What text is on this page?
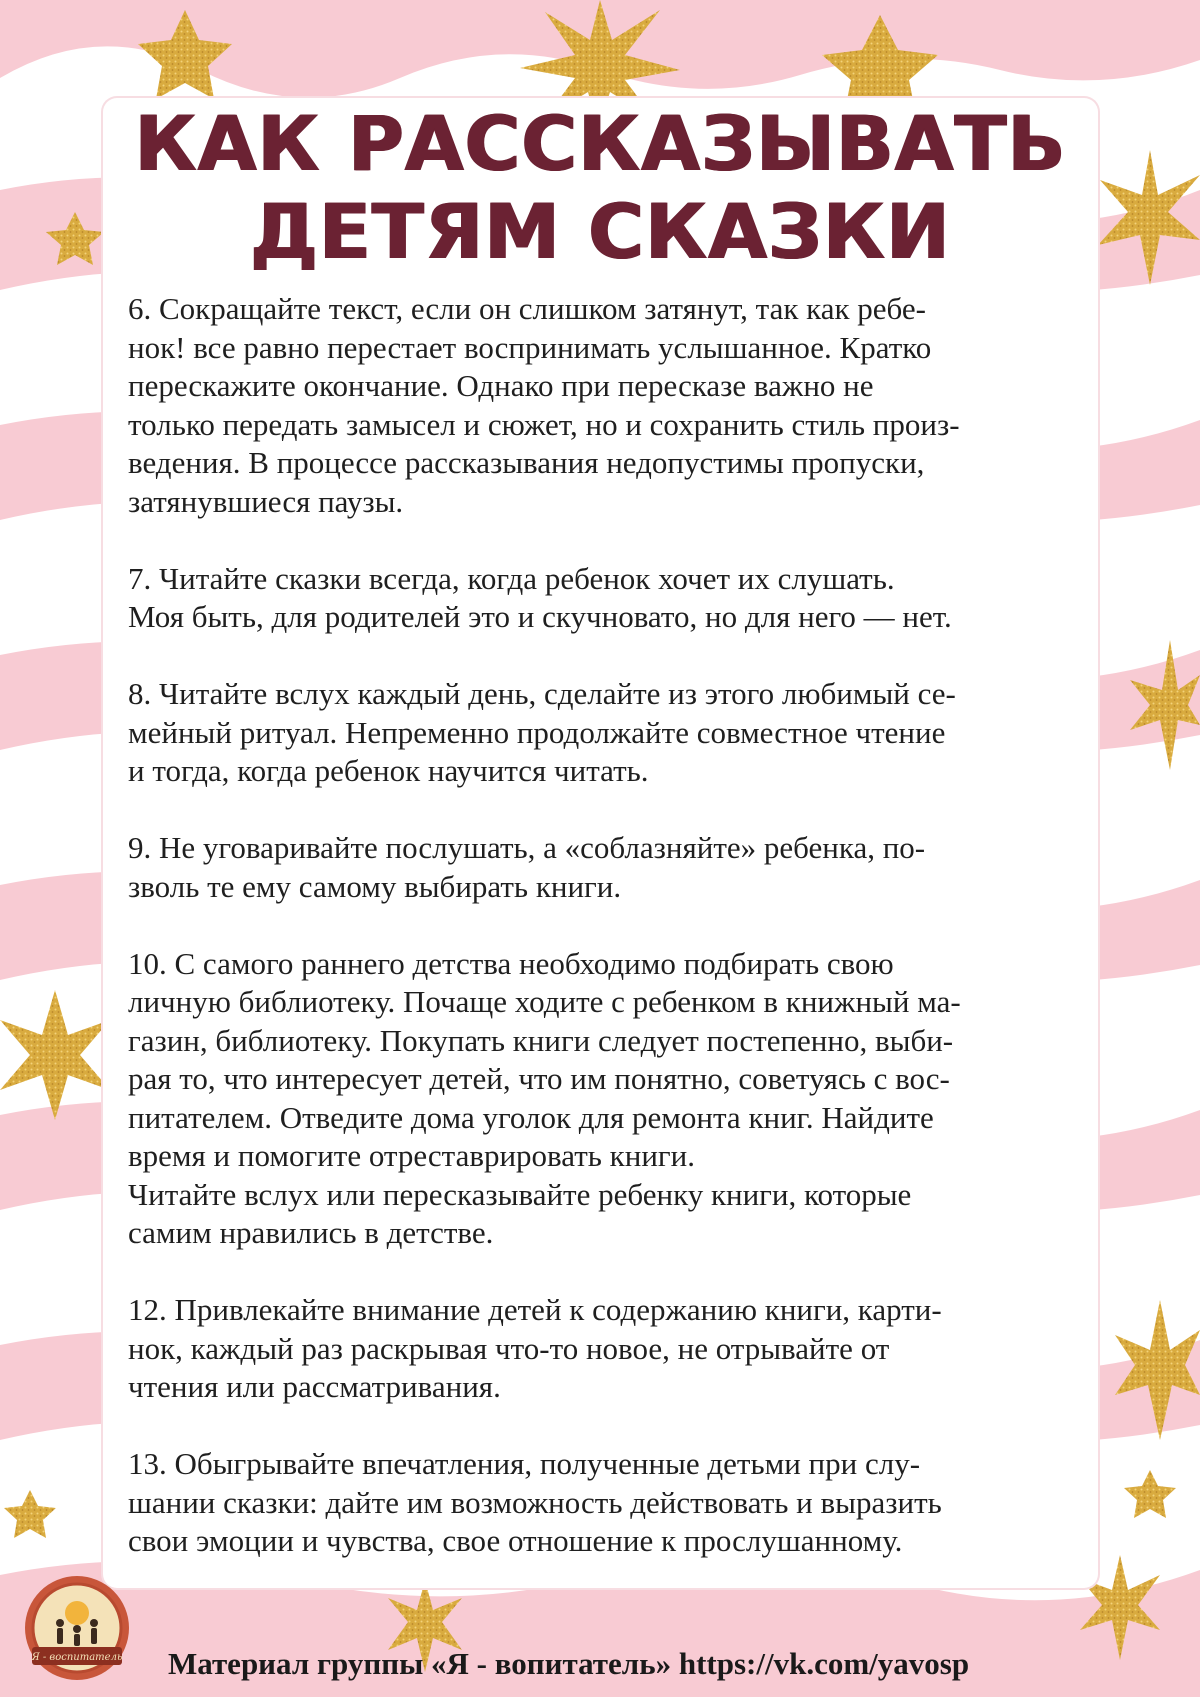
КАК РАССКАЗЫВАТЬ
ДЕТЯМ СКАЗКИ

6. Сокращайте текст, если он слишком затянут, так как ребе-
нок! все равно перестает воспринимать услышанное. Кратко
перескажите окончание. Однако при пересказе важно не
только передать замысел и сюжет, но и сохранить стиль произ-
ведения. В процессе рассказывания недопустимы пропуски,
затянувшиеся паузы.

7. Читайте сказки всегда, когда ребенок хочет их слушать.
Моя быть, для родителей это и скучновато, но для него — нет.

8. Читайте вслух каждый день, сделайте из этого любимый се-
мейный ритуал. Непременно продолжайте совместное чтение
и тогда, когда ребенок научится читать.

9. Не уговаривайте послушать, а «соблазняйте» ребенка, по-
зволь те ему самому выбирать книги.

10. С самого раннего детства необходимо подбирать свою
личную библиотеку. Почаще ходите с ребенком в книжный ма-
газин, библиотеку. Покупать книги следует постепенно, выби-
рая то, что интересует детей, что им понятно, советуясь с вос-
питателем. Отведите дома уголок для ремонта книг. Найдите
время и помогите отреставрировать книги.
Читайте вслух или пересказывайте ребенку книги, которые
самим нравились в детстве.

12. Привлекайте внимание детей к содержанию книги, карти-
нок, каждый раз раскрывая что-то новое, не отрывайте от
чтения или рассматривания.

13. Обыгрывайте впечатления, полученные детьми при слу-
шании сказки: дайте им возможность действовать и выразить
свои эмоции и чувства, свое отношение к прослушанному.

Я - воспитатель Материал группы «Я - вопитатель» https://vk.com/yavosp
